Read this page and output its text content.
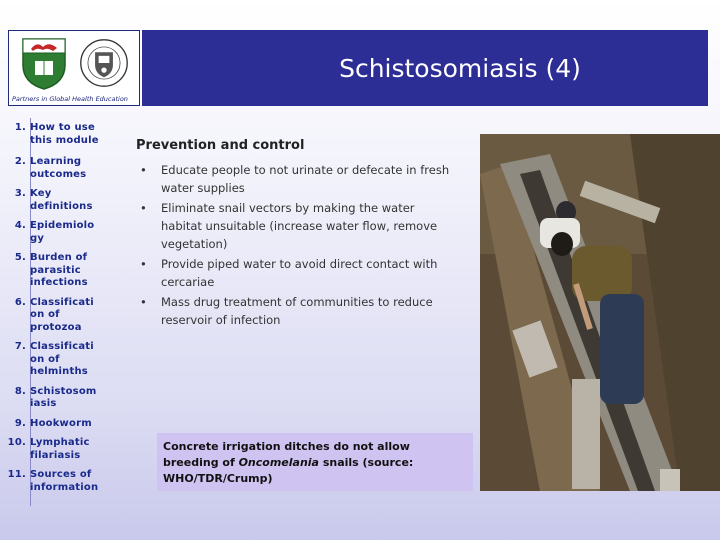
Partners in Global Health Education
Schistosomiasis (4)
1. How to use this module
2. Learning outcomes
3. Key definitions
4. Epidemiolo gy
5. Burden of parasitic infections
6. Classificati on of protozoa
7. Classificati on of helminths
8. Schistosom iasis
9. Hookworm
10. Lymphatic filariasis
11. Sources of information
Prevention and control
• Educate people to not urinate or defecate in fresh water supplies
• Eliminate snail vectors by making the water habitat unsuitable (increase water flow, remove vegetation)
• Provide piped water to avoid direct contact with cercariae
• Mass drug treatment of communities to reduce reservoir of infection
Concrete irrigation ditches do not allow breeding of Oncomelania snails (source: WHO/TDR/Crump)
